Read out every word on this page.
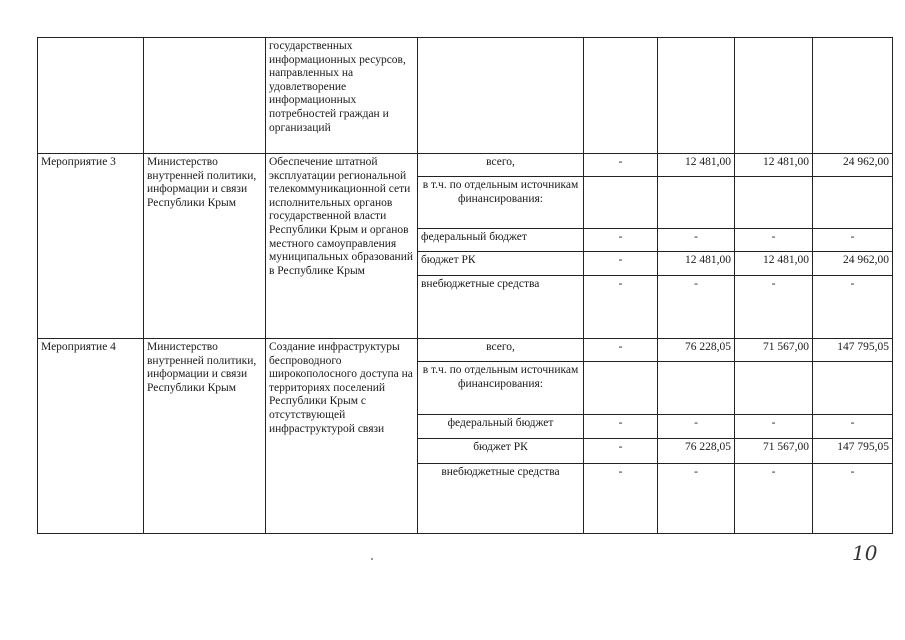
		государственных информационных ресурсов, направленных на удовлетворение информационных потребностей граждан и организаций					
Мероприятие 3	Министерство внутренней политики, информации и связи Республики Крым	Обеспечение штатной эксплуатации региональной телекоммуникационной сети исполнительных органов государственной власти Республики Крым и органов местного самоуправления муниципальных образований в Республике Крым	всего,	-	12 481,00	12 481,00	24 962,00
			в т.ч. по отдельным источникам финансирования:				
			федеральный бюджет	-	-	-	-
			бюджет РК	-	12 481,00	12 481,00	24 962,00
			внебюджетные средства	-	-	-	-
Мероприятие 4	Министерство внутренней политики, информации и связи Республики Крым	Создание инфраструктуры беспроводного широкополосного доступа на территориях поселений Республики Крым с отсутствующей инфраструктурой связи	всего,	-	76 228,05	71 567,00	147 795,05
			в т.ч. по отдельным источникам финансирования:				
			федеральный бюджет	-	-	-	-
			бюджет РК	-	76 228,05	71 567,00	147 795,05
			внебюджетные средства	-	-	-	-
10
